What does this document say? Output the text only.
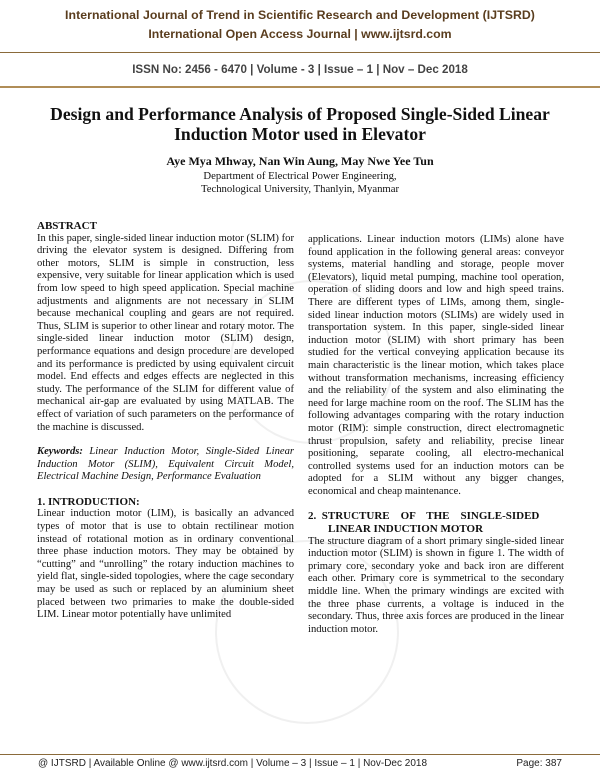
International Journal of Trend in Scientific Research and Development (IJTSRD)
International Open Access Journal | www.ijtsrd.com
ISSN No: 2456 - 6470 | Volume - 3 | Issue – 1 | Nov – Dec 2018
Design and Performance Analysis of Proposed Single-Sided Linear
Induction Motor used in Elevator
Aye Mya Mhway, Nan Win Aung, May Nwe Yee Tun
Department of Electrical Power Engineering,
Technological University, Thanlyin, Myanmar

ABSTRACT

In this paper, single-sided linear induction motor (SLIM) for driving the elevator system is designed. Differing from other motors, SLIM is simple in construction, less expensive, very suitable for linear application which is used from low speed to high speed application. Special machine adjustments and alignments are not necessary in SLIM because mechanical coupling and gears are not required. Thus, SLIM is superior to other linear and rotary motor. The single-sided linear induction motor (SLIM) design, performance equations and design procedure are developed and its performance is predicted by using equivalent circuit model. End effects and edges effects are neglected in this study. The performance of the SLIM for different value of mechanical air-gap are evaluated by using MATLAB. The effect of variation of such parameters on the performance of the machine is discussed.

Keywords: Linear Induction Motor, Single-Sided Linear Induction Motor (SLIM), Equivalent Circuit Model, Electrical Machine Design, Performance Evaluation

1. INTRODUCTION:

Linear induction motor (LIM), is basically an advanced types of motor that is use to obtain rectilinear motion instead of rotational motion as in ordinary conventional three phase induction motors. They may be obtained by “cutting” and “unrolling” the rotary induction machines to yield flat, single-sided topologies, where the cage secondary may be used as such or replaced by an aluminium sheet placed between two primaries to make the double-sided LIM. Linear motor potentially have unlimited

applications. Linear induction motors (LIMs) alone have found application in the following general areas: conveyor systems, material handling and storage, people mover (Elevators), liquid metal pumping, machine tool operation, operation of sliding doors and low and high speed trains. There are different types of LIMs, among them, single-sided linear induction motors (SLIMs) are widely used in transportation system. In this paper, single-sided linear induction motor (SLIM) with short primary has been studied for the vertical conveying application because its main characteristic is the linear motion, which takes place without transformation mechanisms, increasing efficiency and the reliability of the system and also eliminating the need for large machine room on the roof. The SLIM has the following advantages comparing with the rotary induction motor (RIM): simple construction, direct electromagnetic thrust propulsion, safety and reliability, precise linear positioning, separate cooling, all electro-mechanical controlled systems used for an induction motors can be adopted for a SLIM without any bigger changes, economical and cheap maintenance.

2.  STRUCTURE    OF    THE    SINGLE-SIDED
LINEAR INDUCTION MOTOR

The structure diagram of a short primary single-sided linear induction motor (SLIM) is shown in figure 1. The width of primary core, secondary yoke and back iron are different each other. Primary core is symmetrical to the secondary middle line. When the primary windings are excited with the three phase currents, a voltage is induced in the secondary. Thus, three axis forces are produced in the linear induction motor.

@ IJTSRD | Available Online @ www.ijtsrd.com | Volume – 3 | Issue – 1 | Nov-Dec 2018	Page: 387
